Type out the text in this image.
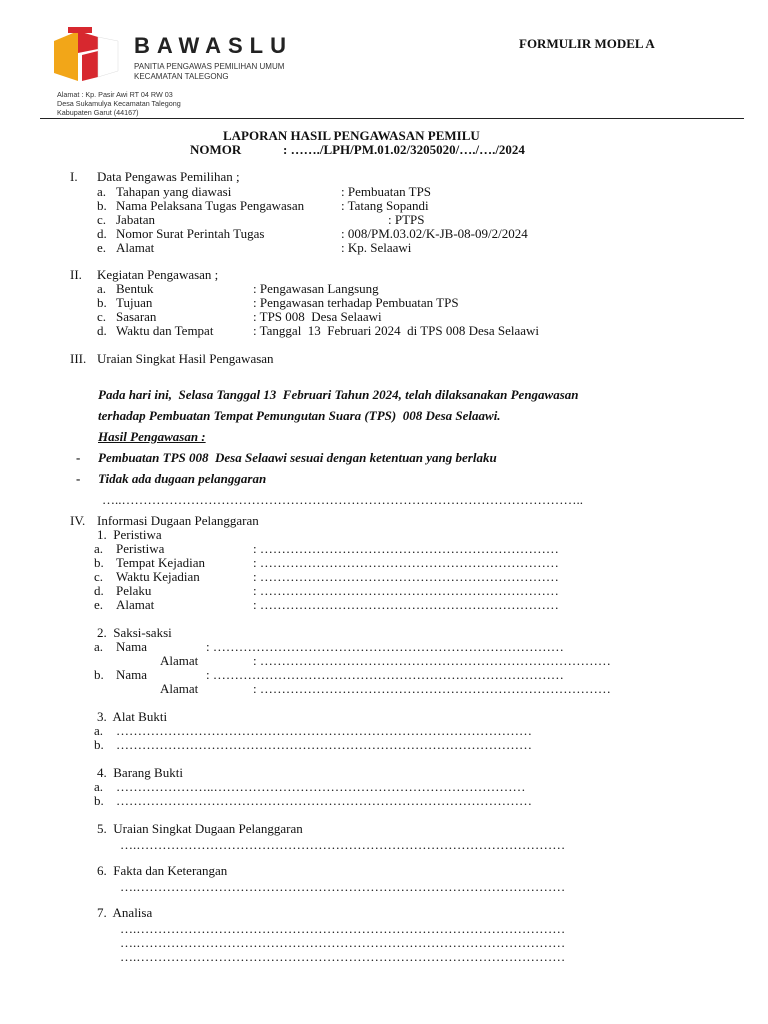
BAWASLU
PANITIA PENGAWAS PEMILIHAN UMUM
KECAMATAN TALEGONG
Alamat : Kp. Pasir Awi RT 04 RW 03
Desa Sukamulya Kecamatan Talegong
Kabupaten Garut (44167)
FORMULIR MODEL A
LAPORAN HASIL PENGAWASAN PEMILU
NOMOR	: ……./LPH/PM.01.02/3205020/…./…./2024
I. Data Pengawas Pemilihan ;
a. Tahapan yang diawasi	: Pembuatan TPS
b. Nama Pelaksana Tugas Pengawasan	: Tatang Sopandi
c. Jabatan	: PTPS
d. Nomor Surat Perintah Tugas	: 008/PM.03.02/K-JB-08-09/2/2024
e. Alamat	: Kp. Selaawi
II. Kegiatan Pengawasan ;
a. Bentuk	: Pengawasan Langsung
b. Tujuan	: Pengawasan terhadap Pembuatan TPS
c. Sasaran	: TPS 008  Desa Selaawi
d. Waktu dan Tempat	: Tanggal  13  Februari 2024  di TPS 008 Desa Selaawi
III. Uraian Singkat Hasil Pengawasan
Pada hari ini,  Selasa Tanggal 13  Februari Tahun 2024, telah dilaksanakan Pengawasan
terhadap Pembuatan Tempat Pemungutan Suara (TPS)  008 Desa Selaawi.
Hasil Pengawasan :
- Pembuatan TPS 008  Desa Selaawi sesuai dengan ketentuan yang berlaku
- Tidak ada dugaan pelanggaran
…..……………………………………………………………………………………………..
IV. Informasi Dugaan Pelanggaran
1.  Peristiwa
a. Peristiwa	: ……………………………………………………………
b. Tempat Kejadian	: ……………………………………………………………
c. Waktu Kejadian	: ……………………………………………………………
d. Pelaku	: ……………………………………………………………
e. Alamat	: ……………………………………………………………
2.  Saksi-saksi
a. Nama	: ………………………………………………………………………
Alamat	: ………………………………………………………………………
b. Nama	: ………………………………………………………………………
Alamat	: ………………………………………………………………………
3.  Alat Bukti
a. ……………………………………………………………………………………
b. ……………………………………………………………………………………
4.  Barang Bukti
a. …………………..………………………………………………………………
b. ……………………………………………………………………………………
5.  Uraian Singkat Dugaan Pelanggaran
….………………………………………………………………………………………
6.  Fakta dan Keterangan
….………………………………………………………………………………………
7.  Analisa
….………………………………………………………………………………………
….………………………………………………………………………………………
….………………………………………………………………………………………
